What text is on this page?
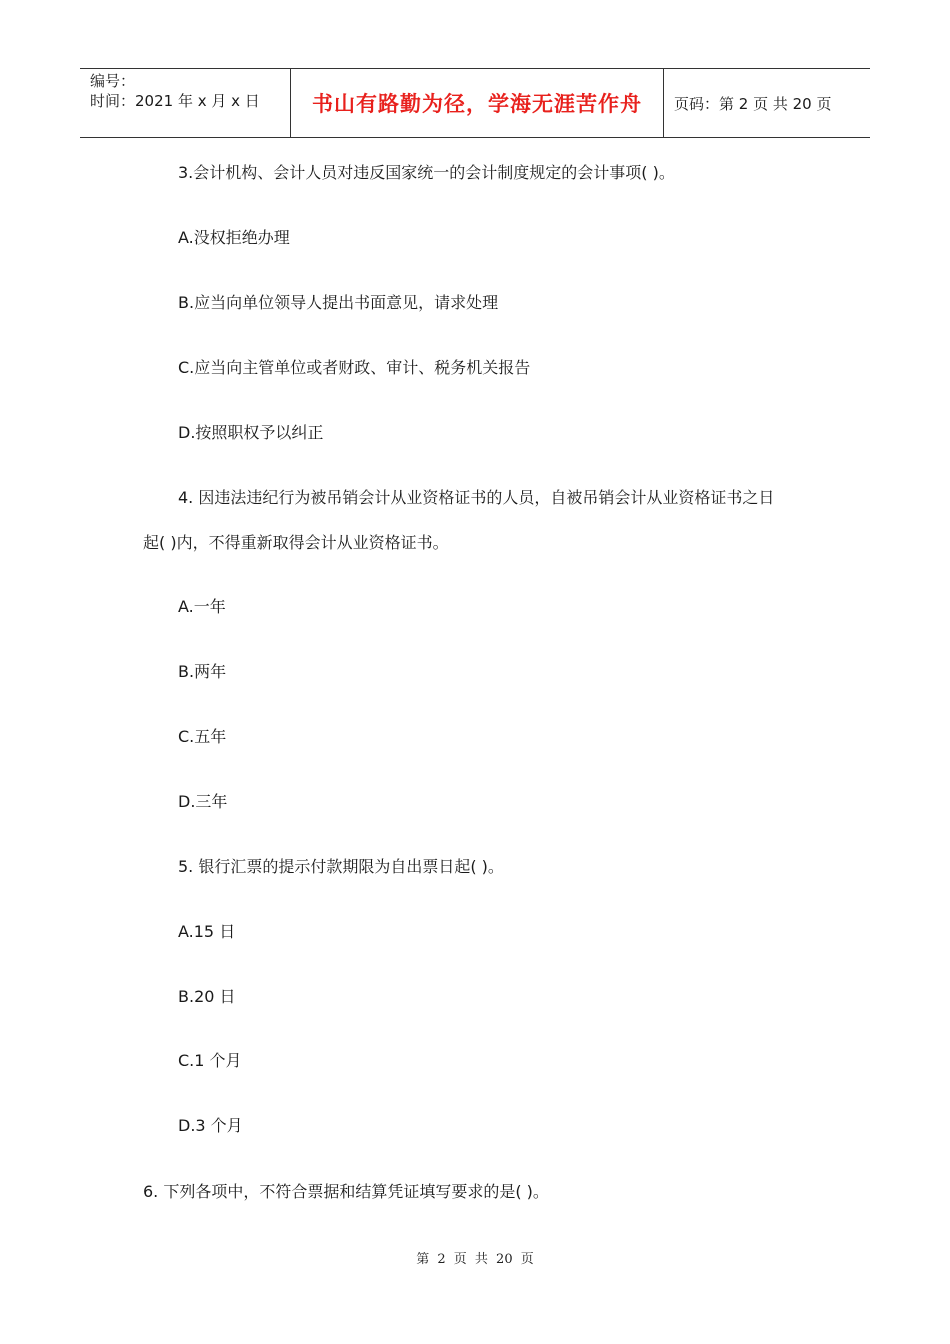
编号：
时间：2021 年 x 月 x 日	书山有路勤为径，学海无涯苦作舟	页码：第 2 页 共 20 页
3.会计机构、会计人员对违反国家统一的会计制度规定的会计事项( )。
A.没权拒绝办理
B.应当向单位领导人提出书面意见，请求处理
C.应当向主管单位或者财政、审计、税务机关报告
D.按照职权予以纠正
4. 因违法违纪行为被吊销会计从业资格证书的人员，自被吊销会计从业资格证书之日
起( )内，不得重新取得会计从业资格证书。
A.一年
B.两年
C.五年
D.三年
5. 银行汇票的提示付款期限为自出票日起( )。
A.15 日
B.20 日
C.1 个月
D.3 个月
6. 下列各项中，不符合票据和结算凭证填写要求的是( )。
第 2 页 共 20 页
